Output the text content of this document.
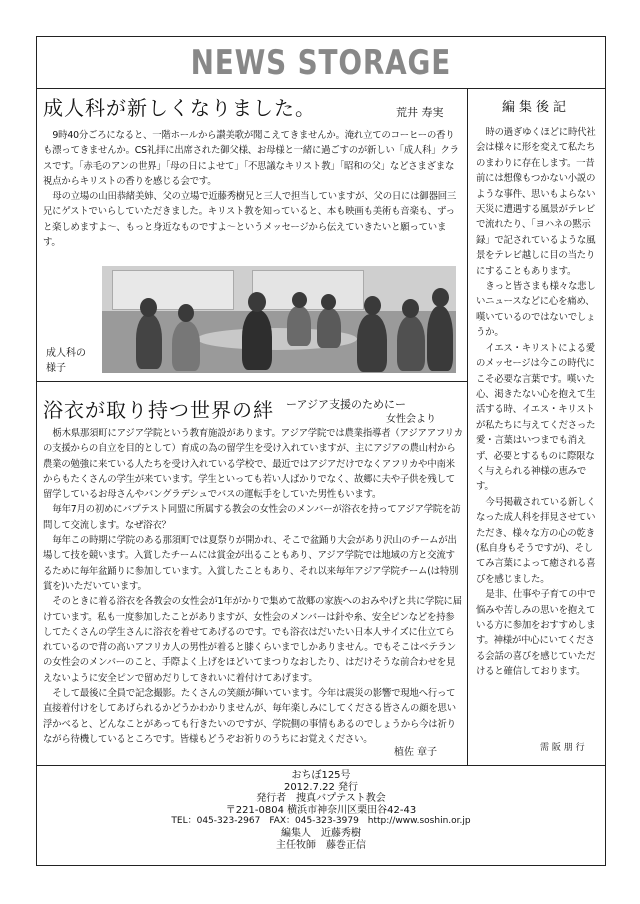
NEWS STORAGE
成人科が新しくなりました。	荒井 寿実

9時40分ごろになると、一階ホールから讃美歌が聞こえてきませんか。淹れ立てのコーヒーの香りも漂ってきませんか。CS礼拝に出席された御父様、お母様と一緒に過ごすのが新しい「成人科」クラスです。「赤毛のアンの世界」「母の日によせて」「不思議なキリスト教」「昭和の父」などさまざまな視点からキリストの香りを感じる会です。

母の立場の山田恭緒美姉、父の立場で近藤秀樹兄と三人で担当していますが、父の日には御器回三兄にゲストでいらしていただきました。キリスト教を知っていると、本も映画も美術も音楽も、ずっと楽しめますよ〜、もっと身近なものですよ〜というメッセージから伝えていきたいと願っています。

成人科の
様子
浴衣が取り持つ世界の絆	ーアジア支援のためにー
女性会より

栃木県那須町にアジア学院という教育施設があります。アジア学院では農業指導者（アジアアフリカの支援からの自立を目的として）育成の為の留学生を受け入れていますが、主にアジアの農山村から農業の勉強に来ている人たちを受け入れている学校で、最近ではアジアだけでなくアフリカや中南米からもたくさんの学生が来ています。学生といっても若い人ばかりでなく、故郷に夫や子供を残して留学しているお母さんやバングラデシュでバスの運転手をしていた男性もいます。

毎年7月の初めにバプテスト同盟に所属する教会の女性会のメンバーが浴衣を持ってアジア学院を訪問して交流します。なぜ浴衣？

毎年この時期に学院のある那須町では夏祭りが開かれ、そこで盆踊り大会があり沢山のチームが出場して技を競います。入賞したチームには賞金が出ることもあり、アジア学院では地域の方と交流するために毎年盆踊りに参加しています。入賞したこともあり、それ以来毎年アジア学院チーム(は特別賞を)いただいています。

そのときに着る浴衣を各教会の女性会が1年がかりで集めて故郷の家族へのおみやげと共に学院に届けています。私も一度参加したことがありますが、女性会のメンバーは針や糸、安全ピンなどを持参してたくさんの学生さんに浴衣を着せてあげるのです。でも浴衣はだいたい日本人サイズに仕立てられているので背の高いアフリカ人の男性が着ると膝くらいまでしかありません。でもそこはベテランの女性会のメンバーのこと、手際よく上げをほどいてまつりなおしたり、はだけそうな前合わせを見えないように安全ピンで留めだりしてきれいに着付けてあげます。

そして最後に全員で記念撮影。たくさんの笑顔が輝いています。今年は震災の影響で現地へ行って直接着付けをしてあげられるかどうかわかりませんが、毎年楽しみにしてくださる皆さんの顔を思い浮かべると、どんなことがあっても行きたいのですが、学院側の事情もあるのでしょうから今は祈りながら待機しているところです。皆様もどうぞお祈りのうちにお覚えください。

植佐 章子
編集後記

時の過ぎゆくほどに時代社会は様々に形を変えて私たちのまわりに存在します。一昔前には想像もつかない小説のような事件、思いもよらない天災に遭遇する風景がテレビで流れたり、「ヨハネの黙示録」で記されているような風景をテレビ越しに目の当たりにすることもあります。

きっと皆さまも様々な悲しいニュースなどに心を痛め、嘆いているのではないでしょうか。

イエス・キリストによる愛のメッセージは今この時代にこそ必要な言葉です。嘆いた心、渇きたない心を抱えて生活する時、イエス・キリストが私たちに与えてくださった愛・言葉はいつまでも消えず、必要とするものに際限なく与えられる神様の恵みです。

今号掲載されている新しくなった成人科を拝見させていただき、様々な方の心の乾き(私自身もそうですが)、そしてみ言葉によって癒される喜びを感じました。

是非、仕事や子育ての中で悩みや苦しみの思いを抱えている方に参加をおすすめします。神様が中心にいてくださる会話の喜びを感じていただけると確信しております。

需 阪 朋 行
おちぼ125号
2012.7.22 発行
発行者　捜真バプテスト教会
〒221-0804 横浜市神奈川区栗田谷42-43
TEL：045-323-2967　FAX：045-323-3979　http://www.soshin.or.jp
編集人　近藤秀樹
主任牧師　藤巻正信
